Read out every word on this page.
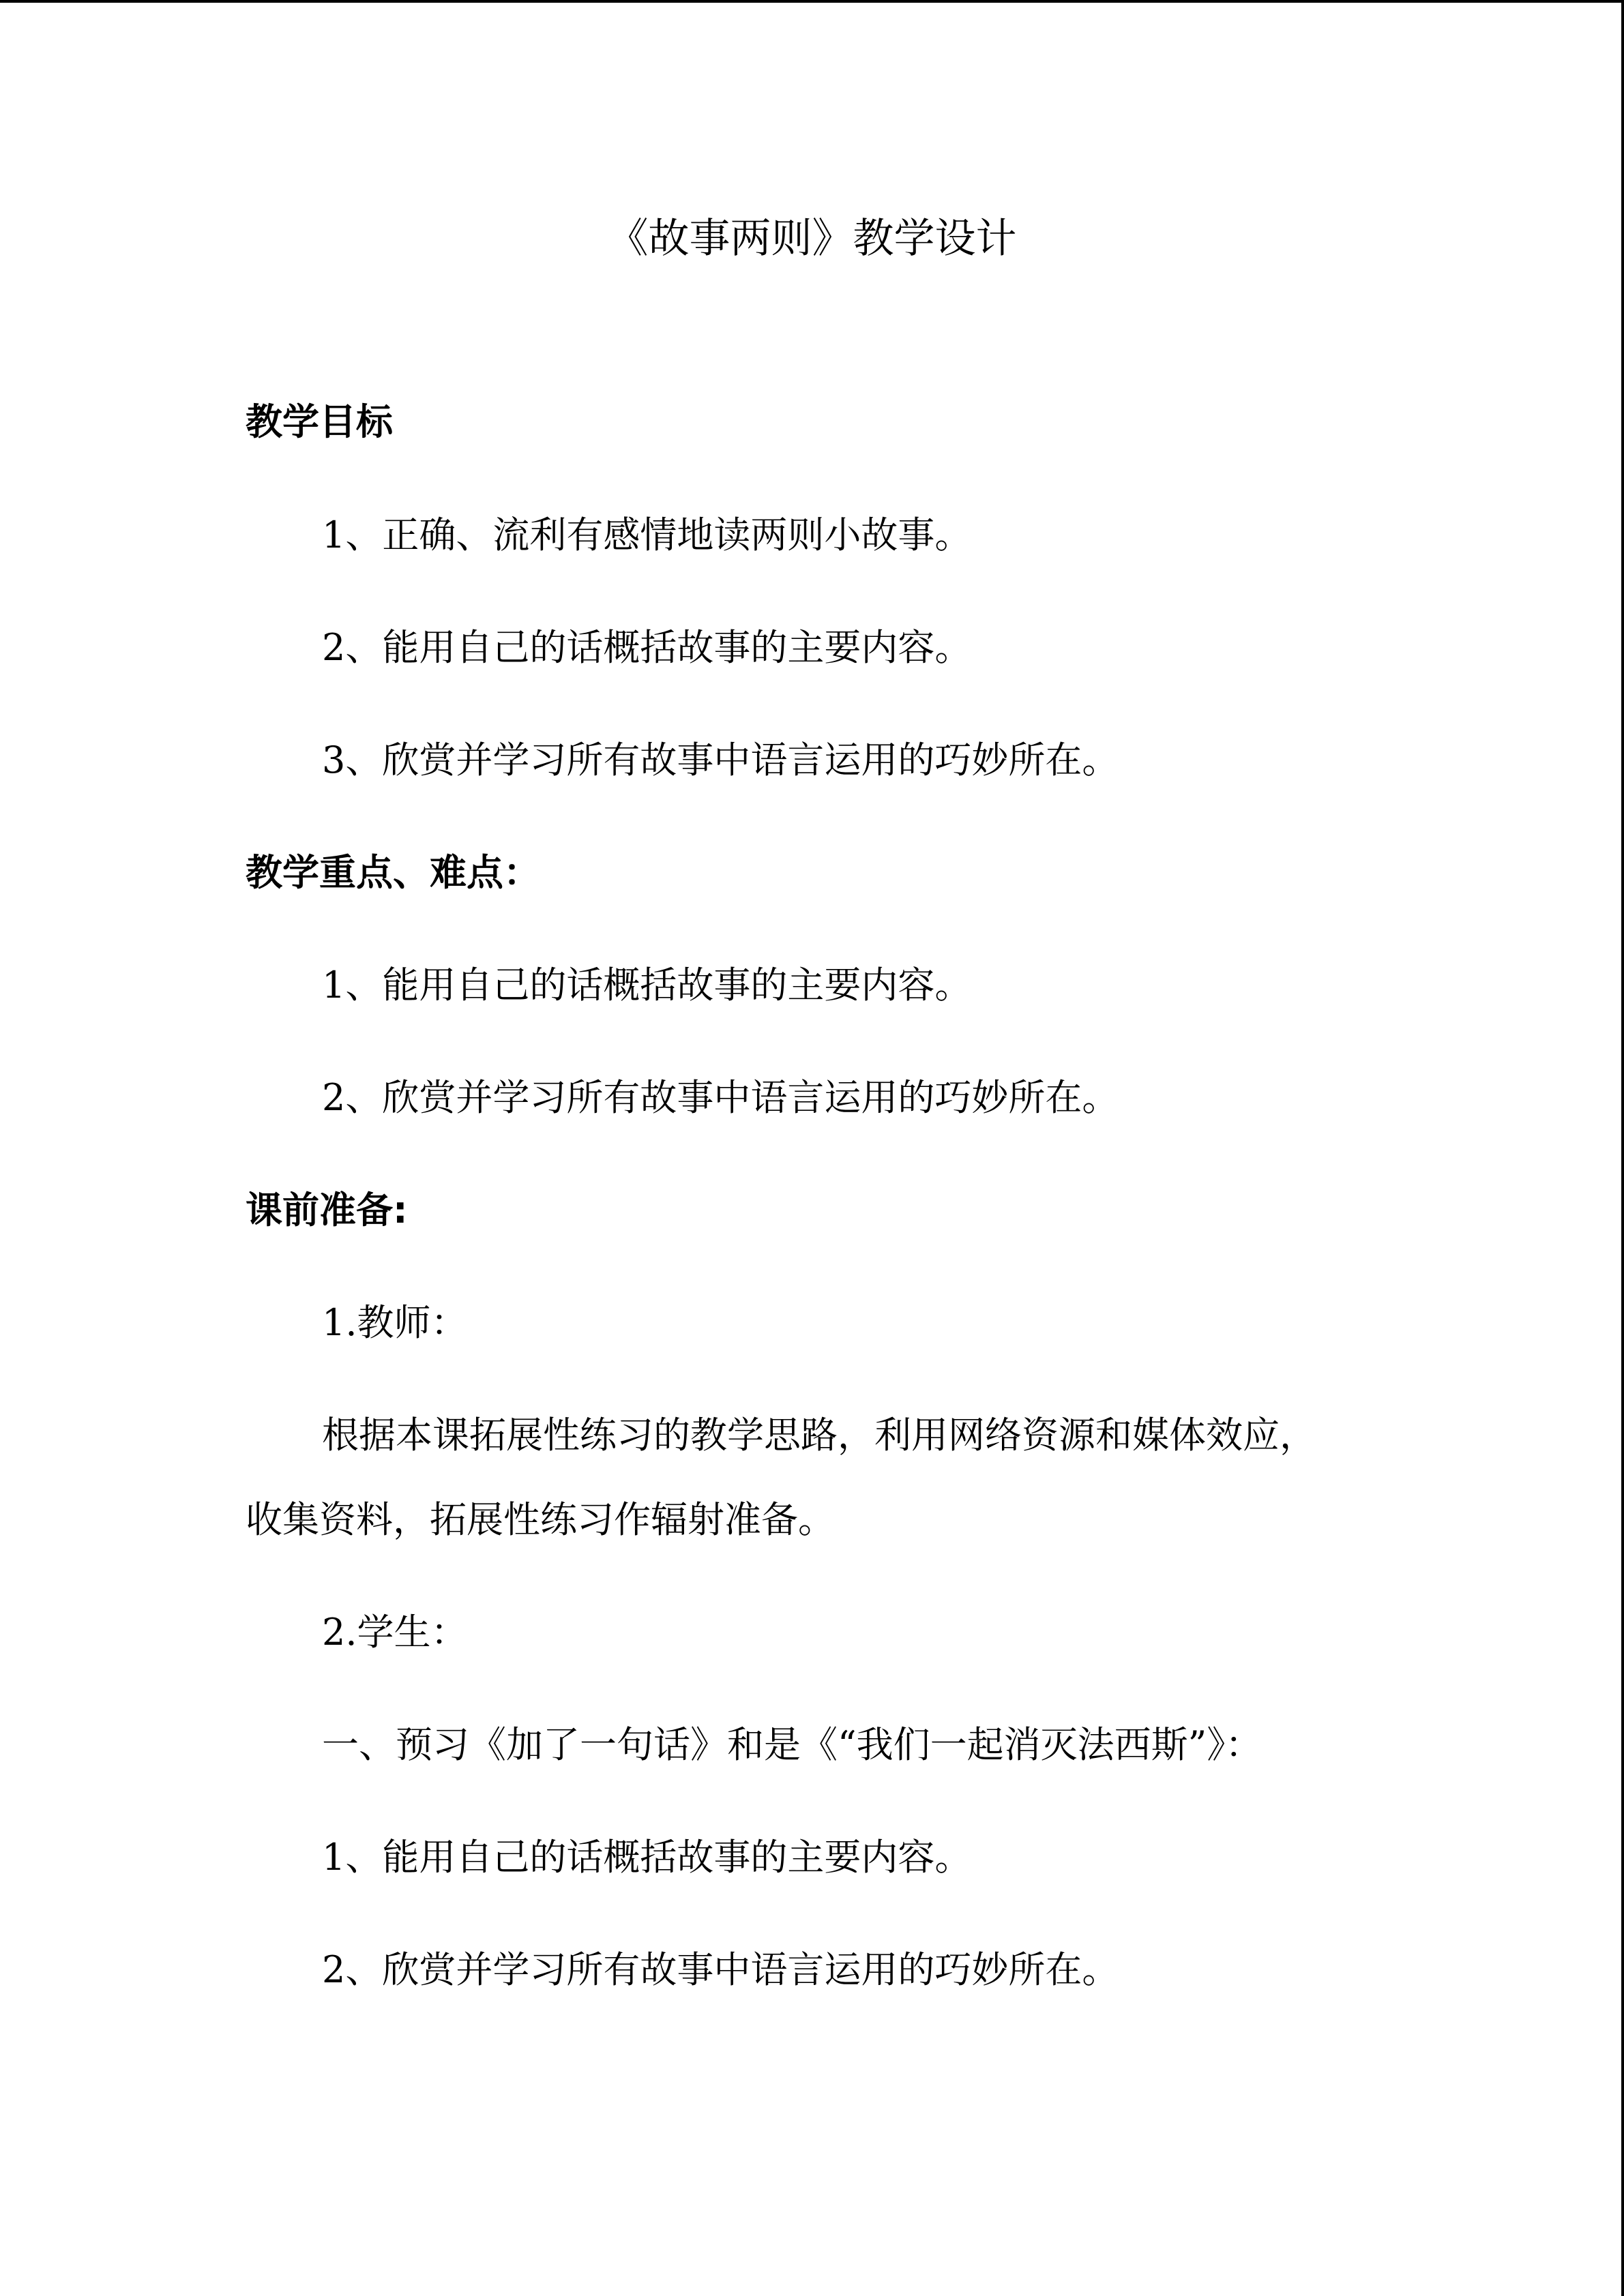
《故事两则》教学设计
教学目标
1、正确、流利有感情地读两则小故事。
2、能用自己的话概括故事的主要内容。
3、欣赏并学习所有故事中语言运用的巧妙所在。
教学重点、难点：
1、能用自己的话概括故事的主要内容。
2、欣赏并学习所有故事中语言运用的巧妙所在。
课前准备:
1.教师：
根据本课拓展性练习的教学思路，利用网络资源和媒体效应，
收集资料，拓展性练习作辐射准备。
2.学生：
一、预习《加了一句话》和是《“我们一起消灭法西斯”》：
1、能用自己的话概括故事的主要内容。
2、欣赏并学习所有故事中语言运用的巧妙所在。
